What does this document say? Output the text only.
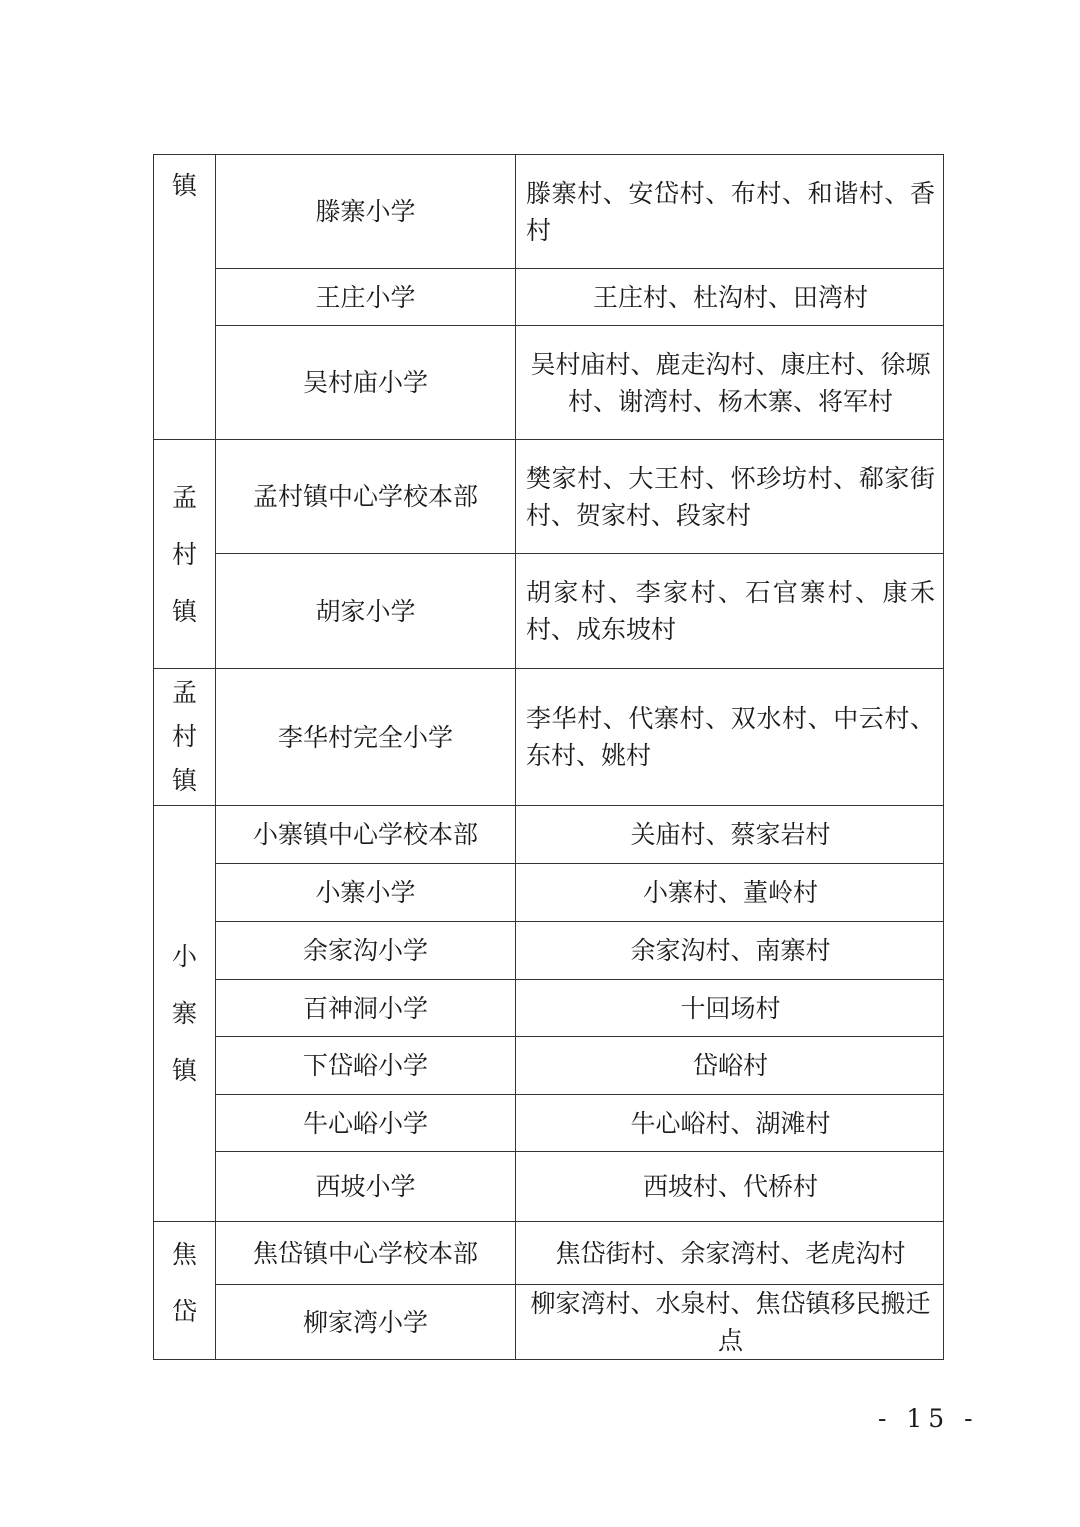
镇	滕寨小学	滕寨村、安岱村、布村、和谐村、香村
	王庄小学	王庄村、杜沟村、田湾村
	吴村庙小学	吴村庙村、鹿走沟村、康庄村、徐塬村、谢湾村、杨木寨、将军村

孟村镇	孟村镇中心学校本部	樊家村、大王村、怀珍坊村、郗家街村、贺家村、段家村
	胡家小学	胡家村、李家村、石官寨村、康禾村、成东坡村

孟村镇	李华村完全小学	李华村、代寨村、双水村、中云村、东村、姚村

小寨镇	小寨镇中心学校本部	关庙村、蔡家岩村
	小寨小学	小寨村、董岭村
	余家沟小学	余家沟村、南寨村
	百神洞小学	十回场村
	下岱峪小学	岱峪村
	牛心峪小学	牛心峪村、湖滩村
	西坡小学	西坡村、代桥村

焦岱	焦岱镇中心学校本部	焦岱街村、余家湾村、老虎沟村
	柳家湾小学	柳家湾村、水泉村、焦岱镇移民搬迁点
- 15 -
